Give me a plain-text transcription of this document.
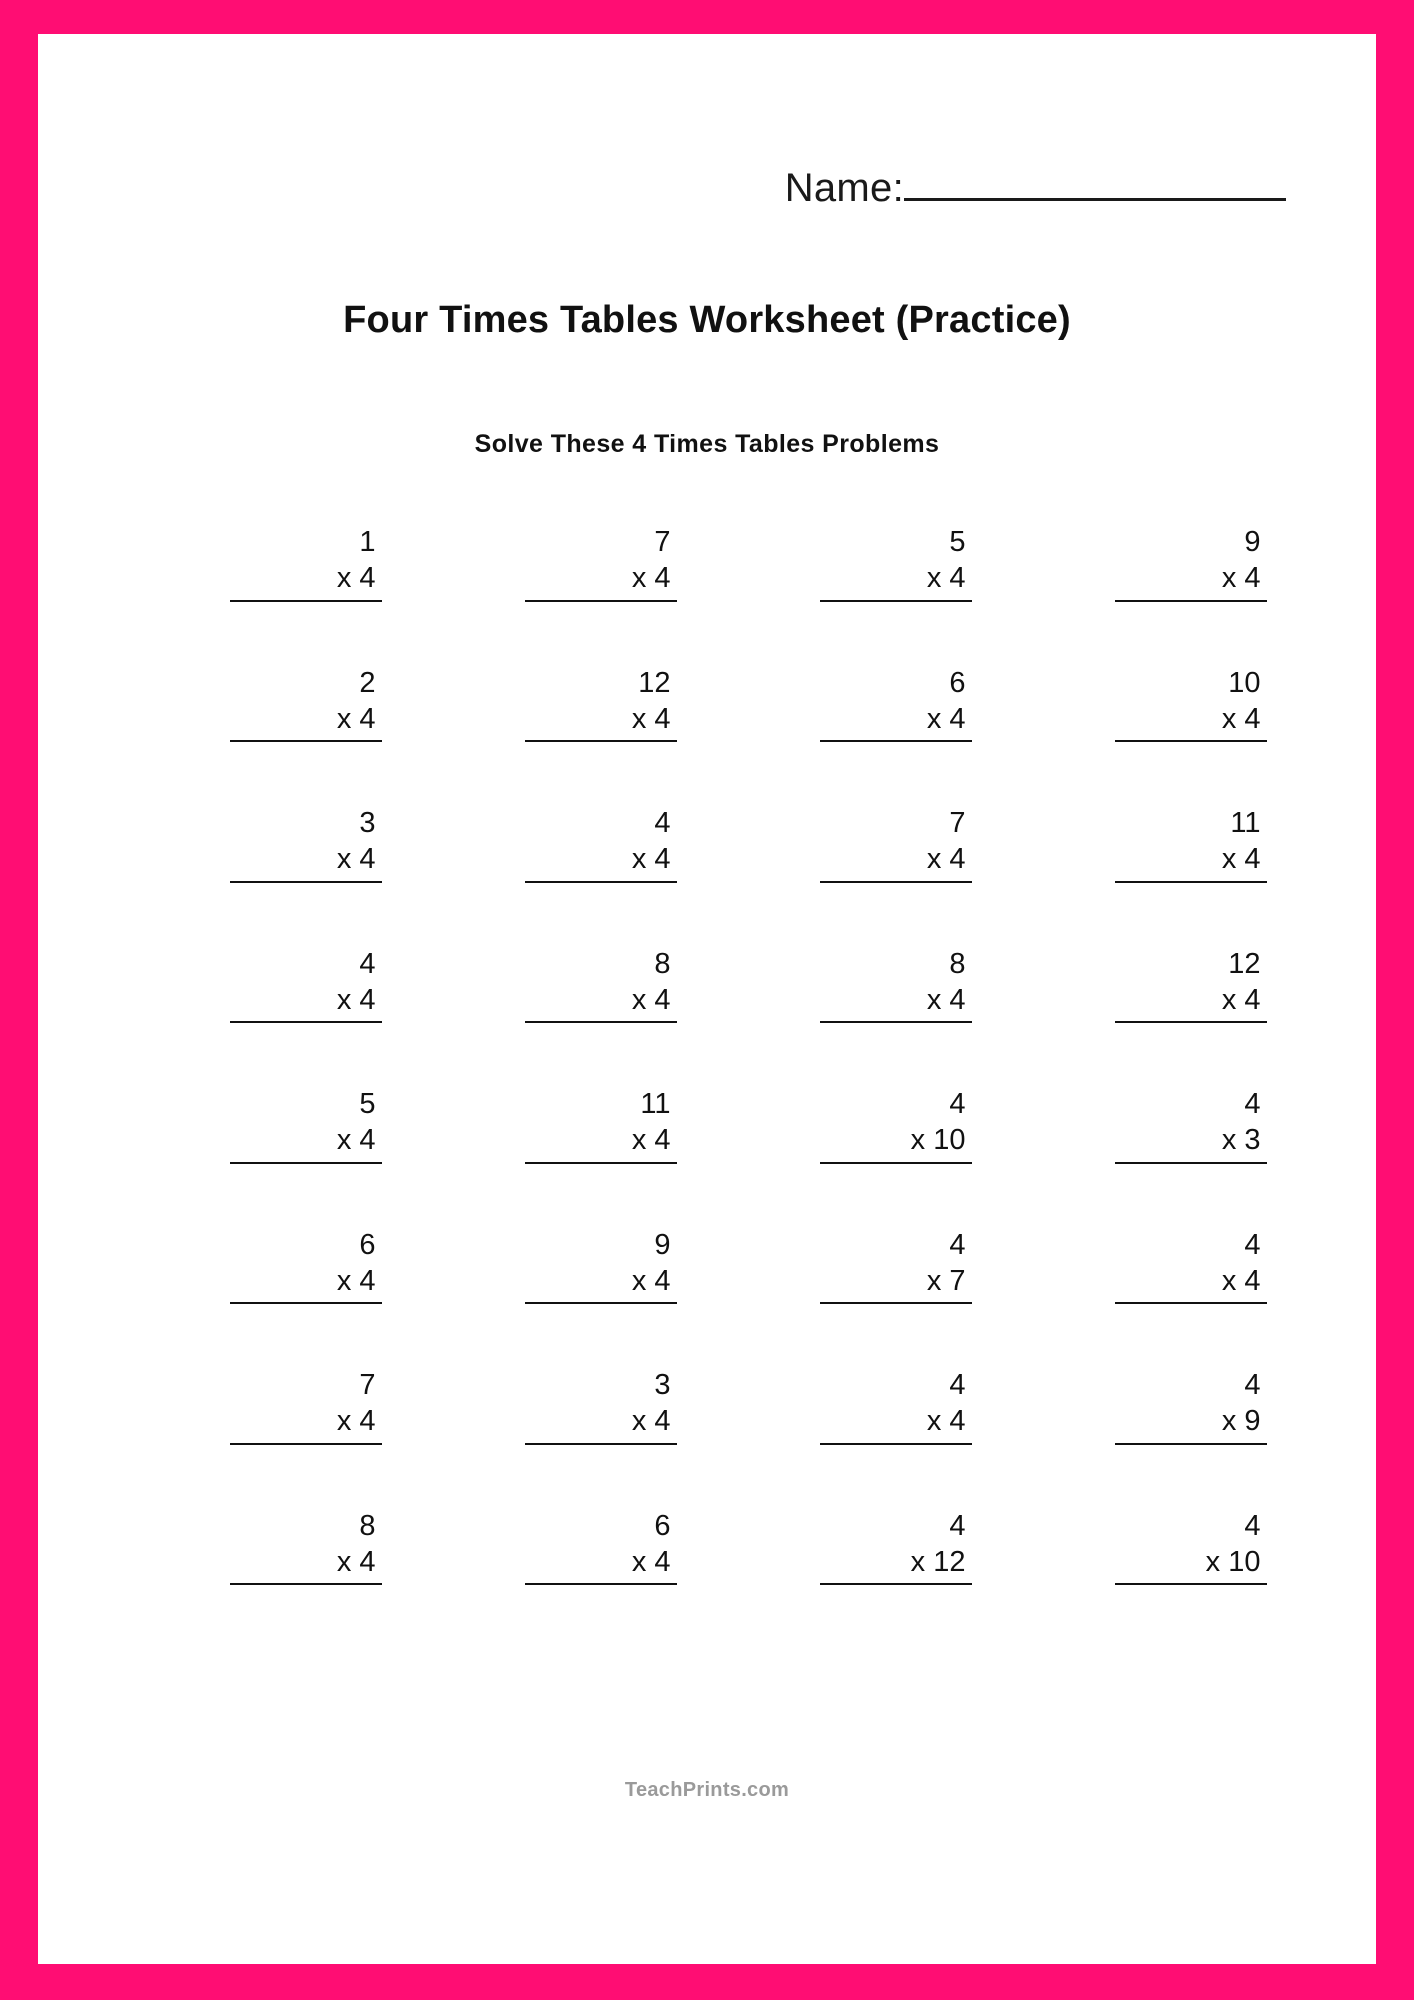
Name:
Four Times Tables Worksheet (Practice)
Solve These 4 Times Tables Problems
1
x 4
7
x 4
5
x 4
9
x 4
2
x 4
12
x 4
6
x 4
10
x 4
3
x 4
4
x 4
7
x 4
11
x 4
4
x 4
8
x 4
8
x 4
12
x 4
5
x 4
11
x 4
4
x 10
4
x 3
6
x 4
9
x 4
4
x 7
4
x 4
7
x 4
3
x 4
4
x 4
4
x 9
8
x 4
6
x 4
4
x 12
4
x 10
TeachPrints.com
